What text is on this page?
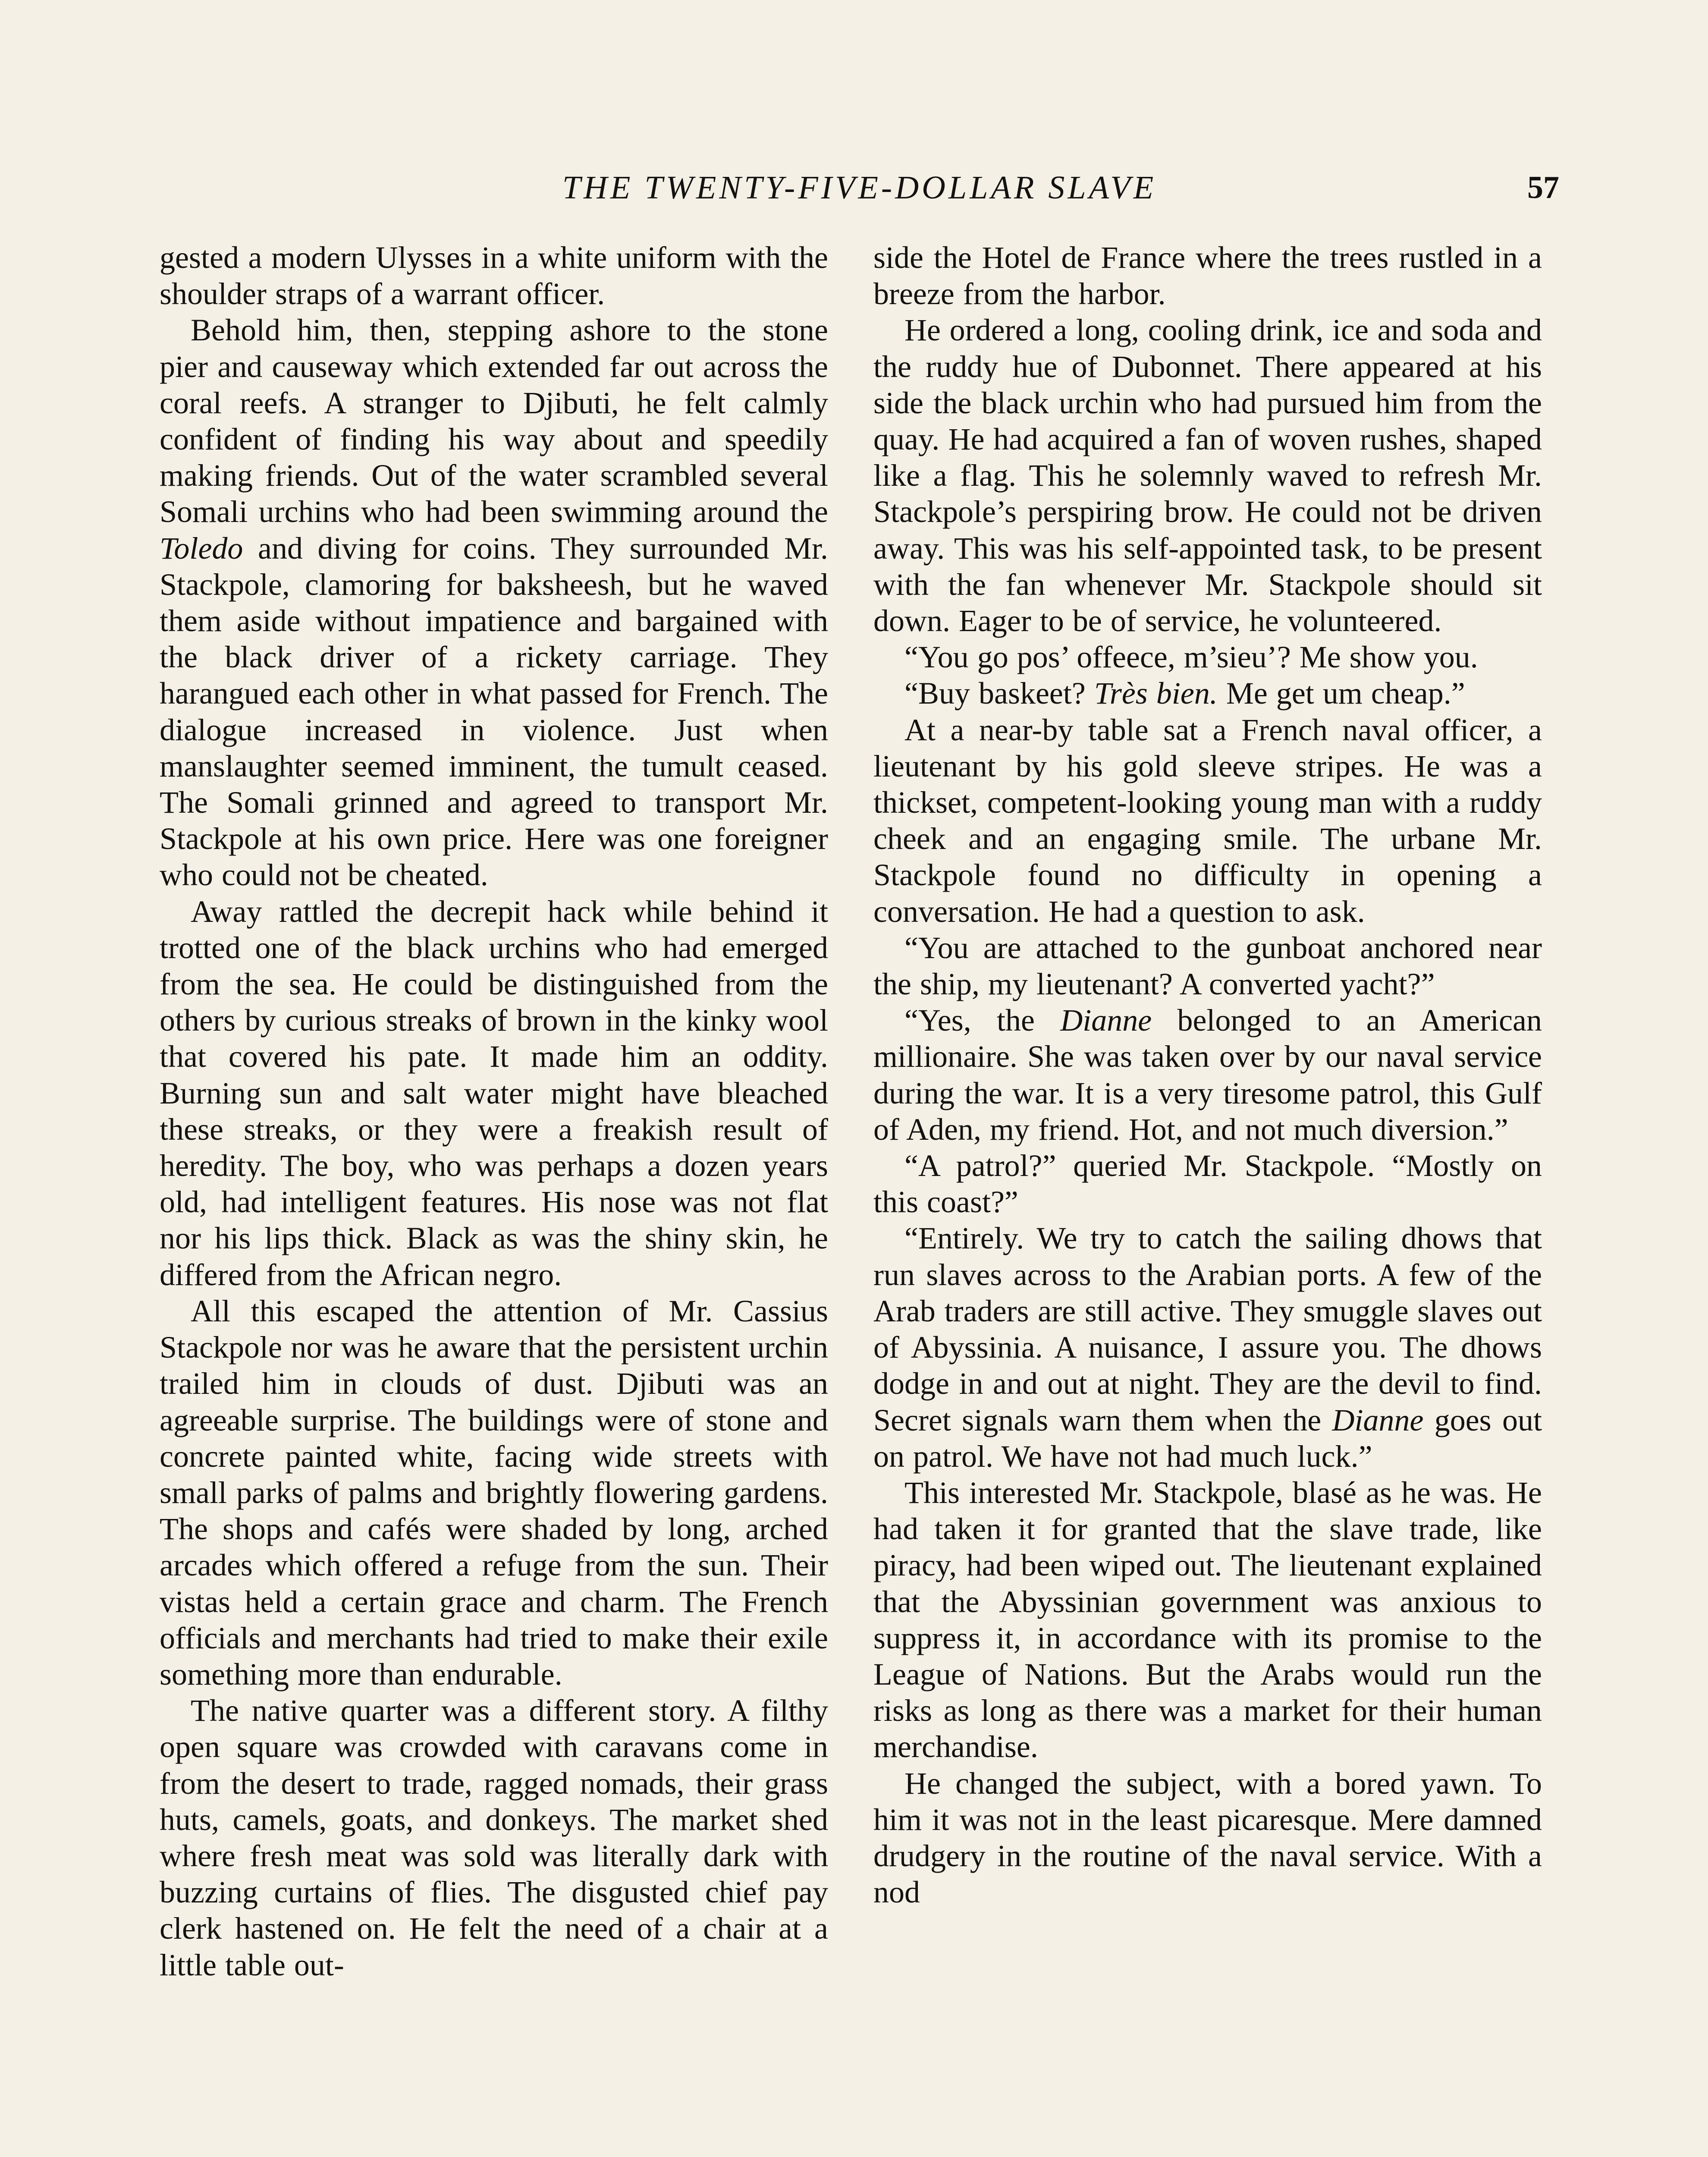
THE TWENTY-FIVE-DOLLAR SLAVE	57

gested a modern Ulysses in a white uniform with the shoulder straps of a warrant officer.

Behold him, then, stepping ashore to the stone pier and causeway which extended far out across the coral reefs. A stranger to Djibuti, he felt calmly confident of finding his way about and speedily making friends. Out of the water scrambled several Somali urchins who had been swimming around the Toledo and diving for coins. They surrounded Mr. Stackpole, clamoring for baksheesh, but he waved them aside without impatience and bargained with the black driver of a rickety carriage. They harangued each other in what passed for French. The dialogue increased in violence. Just when manslaughter seemed imminent, the tumult ceased. The Somali grinned and agreed to transport Mr. Stackpole at his own price. Here was one foreigner who could not be cheated.

Away rattled the decrepit hack while behind it trotted one of the black urchins who had emerged from the sea. He could be distinguished from the others by curious streaks of brown in the kinky wool that covered his pate. It made him an oddity. Burning sun and salt water might have bleached these streaks, or they were a freakish result of heredity. The boy, who was perhaps a dozen years old, had intelligent features. His nose was not flat nor his lips thick. Black as was the shiny skin, he differed from the African negro.

All this escaped the attention of Mr. Cassius Stackpole nor was he aware that the persistent urchin trailed him in clouds of dust. Djibuti was an agreeable surprise. The buildings were of stone and concrete painted white, facing wide streets with small parks of palms and brightly flowering gardens. The shops and cafés were shaded by long, arched arcades which offered a refuge from the sun. Their vistas held a certain grace and charm. The French officials and merchants had tried to make their exile something more than endurable.

The native quarter was a different story. A filthy open square was crowded with caravans come in from the desert to trade, ragged nomads, their grass huts, camels, goats, and donkeys. The market shed where fresh meat was sold was literally dark with buzzing curtains of flies. The disgusted chief pay clerk hastened on. He felt the need of a chair at a little table out-

side the Hotel de France where the trees rustled in a breeze from the harbor.

He ordered a long, cooling drink, ice and soda and the ruddy hue of Dubonnet. There appeared at his side the black urchin who had pursued him from the quay. He had acquired a fan of woven rushes, shaped like a flag. This he solemnly waved to refresh Mr. Stackpole’s perspiring brow. He could not be driven away. This was his self-appointed task, to be present with the fan whenever Mr. Stackpole should sit down. Eager to be of service, he volunteered.

“You go pos’ offeece, m’sieu’? Me show you.

“Buy baskeet? Très bien. Me get um cheap.”

At a near-by table sat a French naval officer, a lieutenant by his gold sleeve stripes. He was a thickset, competent-looking young man with a ruddy cheek and an engaging smile. The urbane Mr. Stackpole found no difficulty in opening a conversation. He had a question to ask.

“You are attached to the gunboat anchored near the ship, my lieutenant? A converted yacht?”

“Yes, the Dianne belonged to an American millionaire. She was taken over by our naval service during the war. It is a very tiresome patrol, this Gulf of Aden, my friend. Hot, and not much diversion.”

“A patrol?” queried Mr. Stackpole. “Mostly on this coast?”

“Entirely. We try to catch the sailing dhows that run slaves across to the Arabian ports. A few of the Arab traders are still active. They smuggle slaves out of Abyssinia. A nuisance, I assure you. The dhows dodge in and out at night. They are the devil to find. Secret signals warn them when the Dianne goes out on patrol. We have not had much luck.”

This interested Mr. Stackpole, blasé as he was. He had taken it for granted that the slave trade, like piracy, had been wiped out. The lieutenant explained that the Abyssinian government was anxious to suppress it, in accordance with its promise to the League of Nations. But the Arabs would run the risks as long as there was a market for their human merchandise.

He changed the subject, with a bored yawn. To him it was not in the least picaresque. Mere damned drudgery in the routine of the naval service. With a nod
